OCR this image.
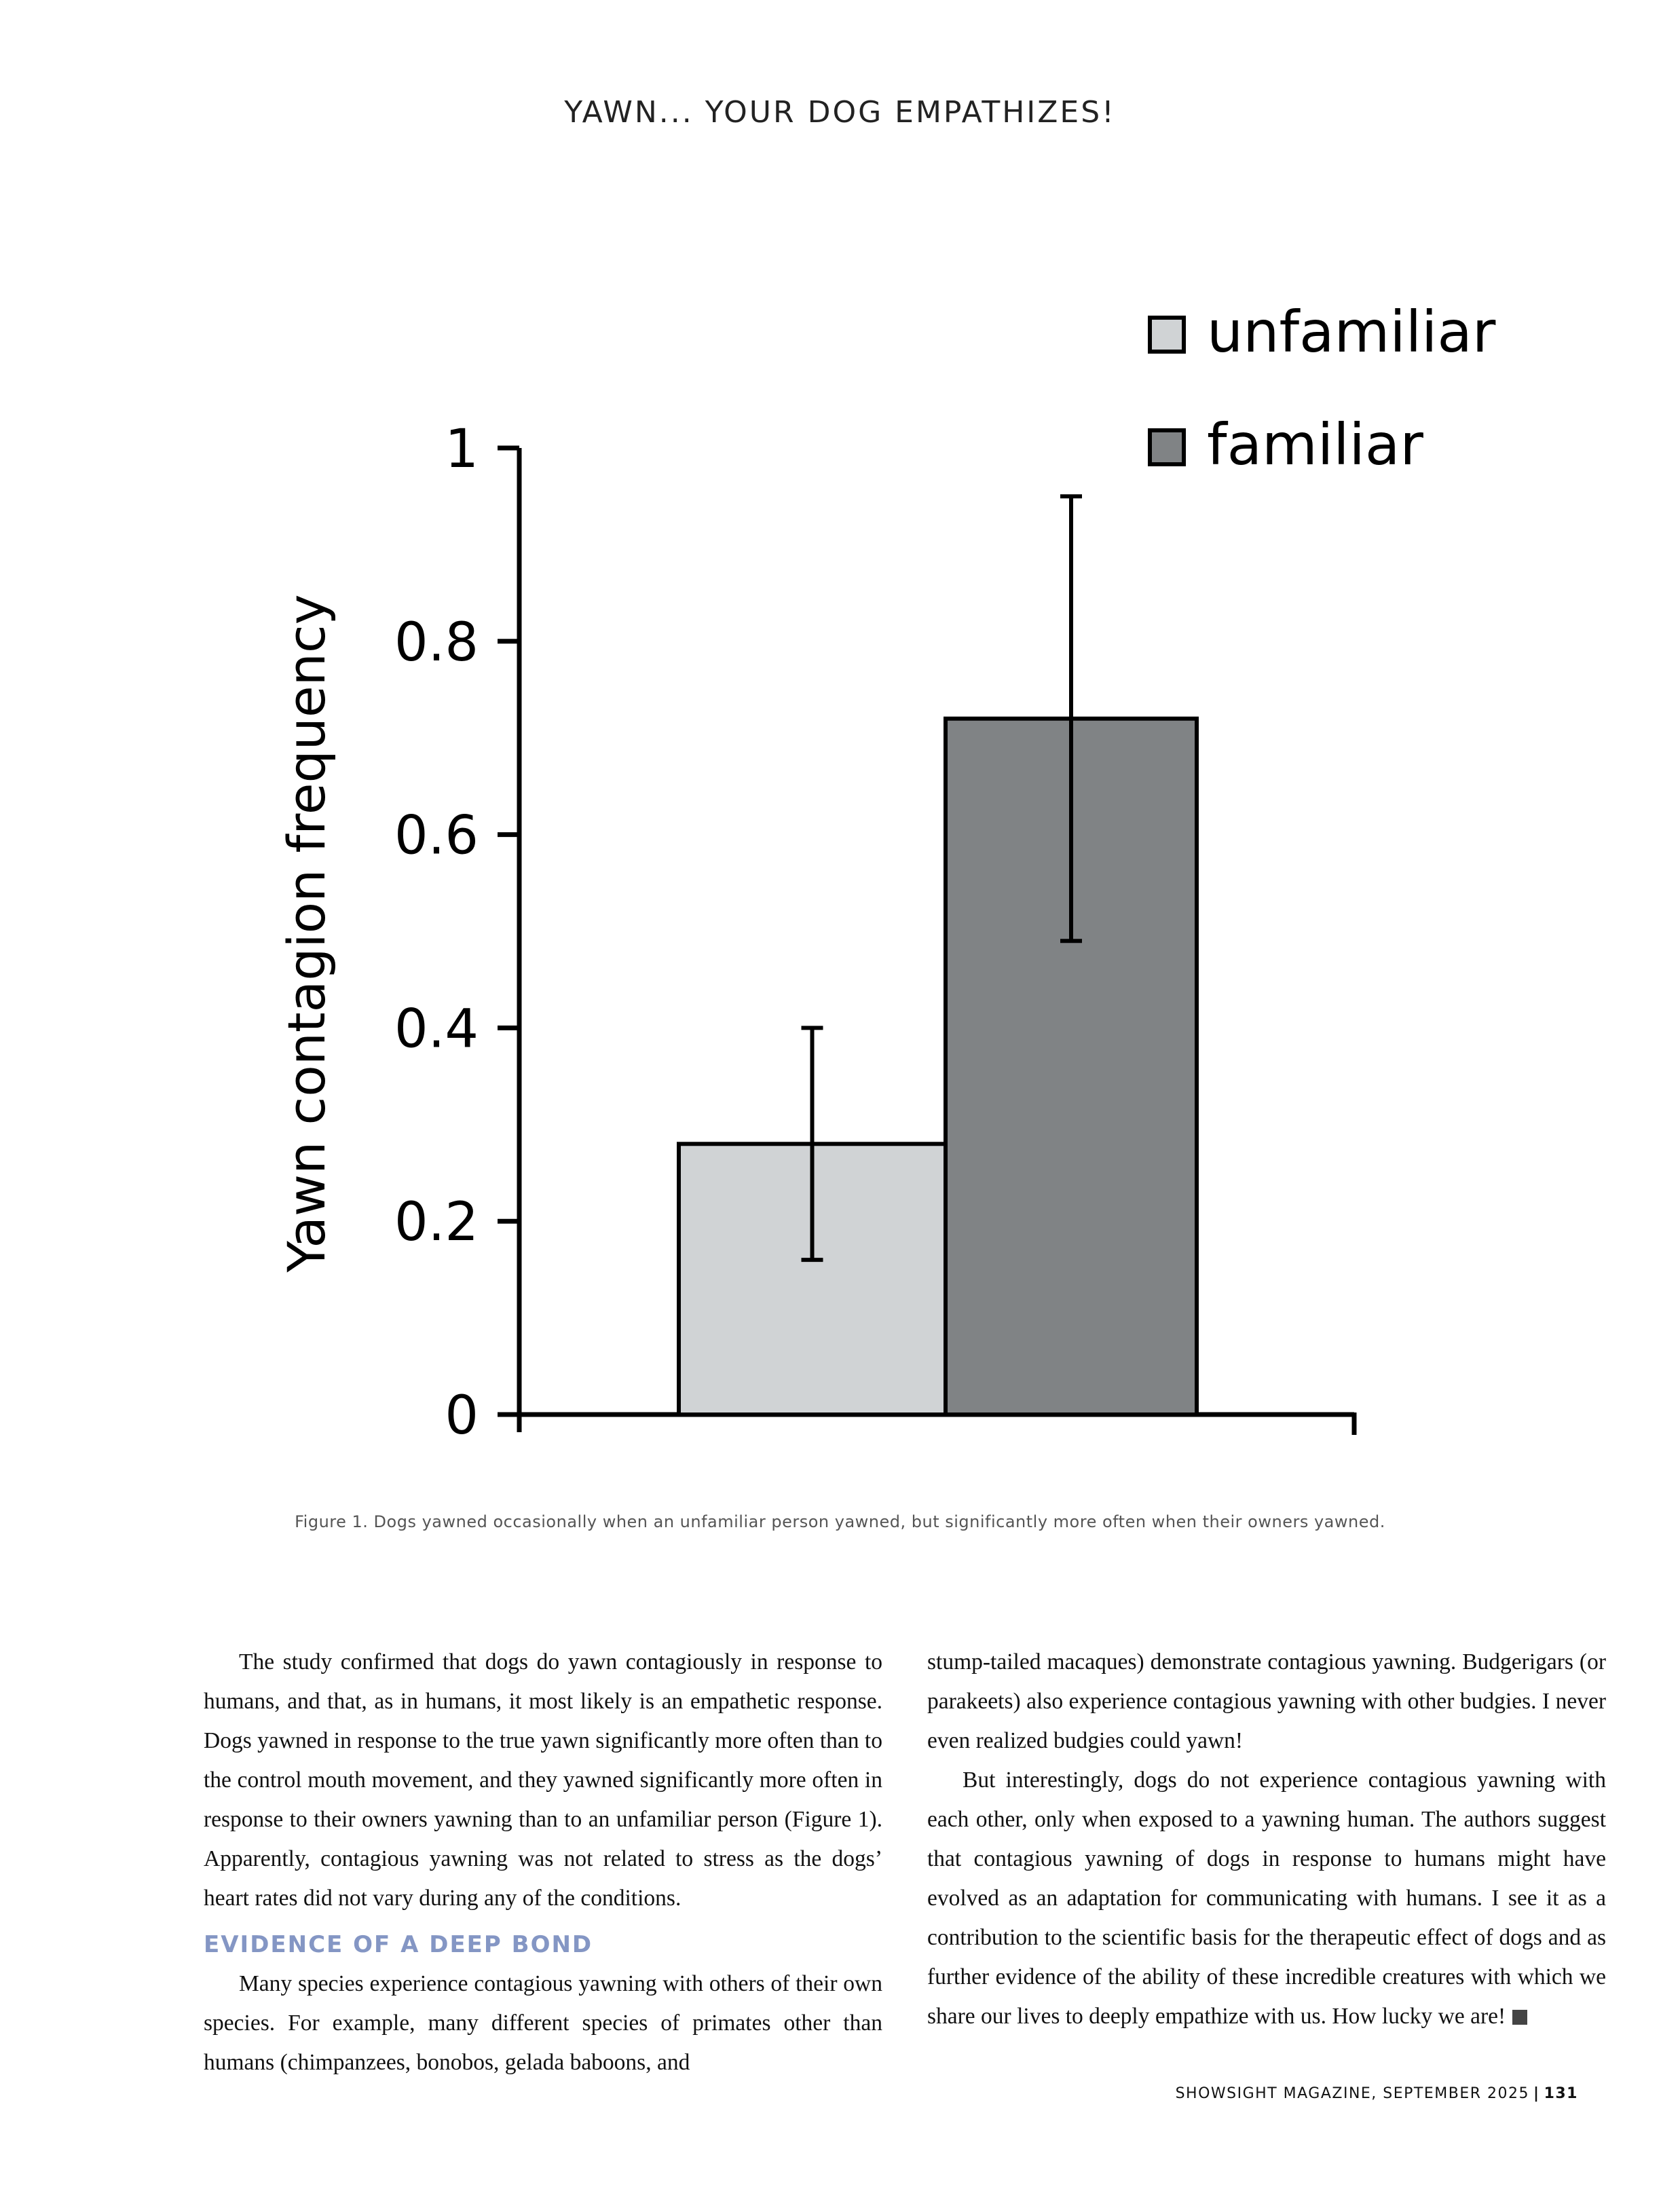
YAWN... YOUR DOG EMPATHIZES!
0
0.2
0.4
0.6
0.8
1
unfamiliar
familiar
Yawn contagion frequency
Figure 1. Dogs yawned occasionally when an unfamiliar person yawned, but significantly more often when their owners yawned.

The study confirmed that dogs do yawn contagiously in response to humans, and that, as in humans, it most likely is an empathetic response. Dogs yawned in response to the true yawn significantly more often than to the control mouth movement, and they yawned significantly more often in response to their owners yawning than to an unfamiliar person (Figure 1). Apparently, contagious yawning was not related to stress as the dogs’ heart rates did not vary during any of the conditions.

EVIDENCE OF A DEEP BOND

Many species experience contagious yawning with others of their own species. For example, many different species of primates other than humans (chimpanzees, bonobos, gelada baboons, and

stump-tailed macaques) demonstrate contagious yawning. Budgerigars (or parakeets) also experience contagious yawning with other budgies. I never even realized budgies could yawn!

But interestingly, dogs do not experience contagious yawning with each other, only when exposed to a yawning human. The authors suggest that contagious yawning of dogs in response to humans might have evolved as an adaptation for communicating with humans. I see it as a contribution to the scientific basis for the therapeutic effect of dogs and as further evidence of the ability of these incredible creatures with which we share our lives to deeply empathize with us. How lucky we are!

SHOWSIGHT MAGAZINE, SEPTEMBER 2025 | 131
